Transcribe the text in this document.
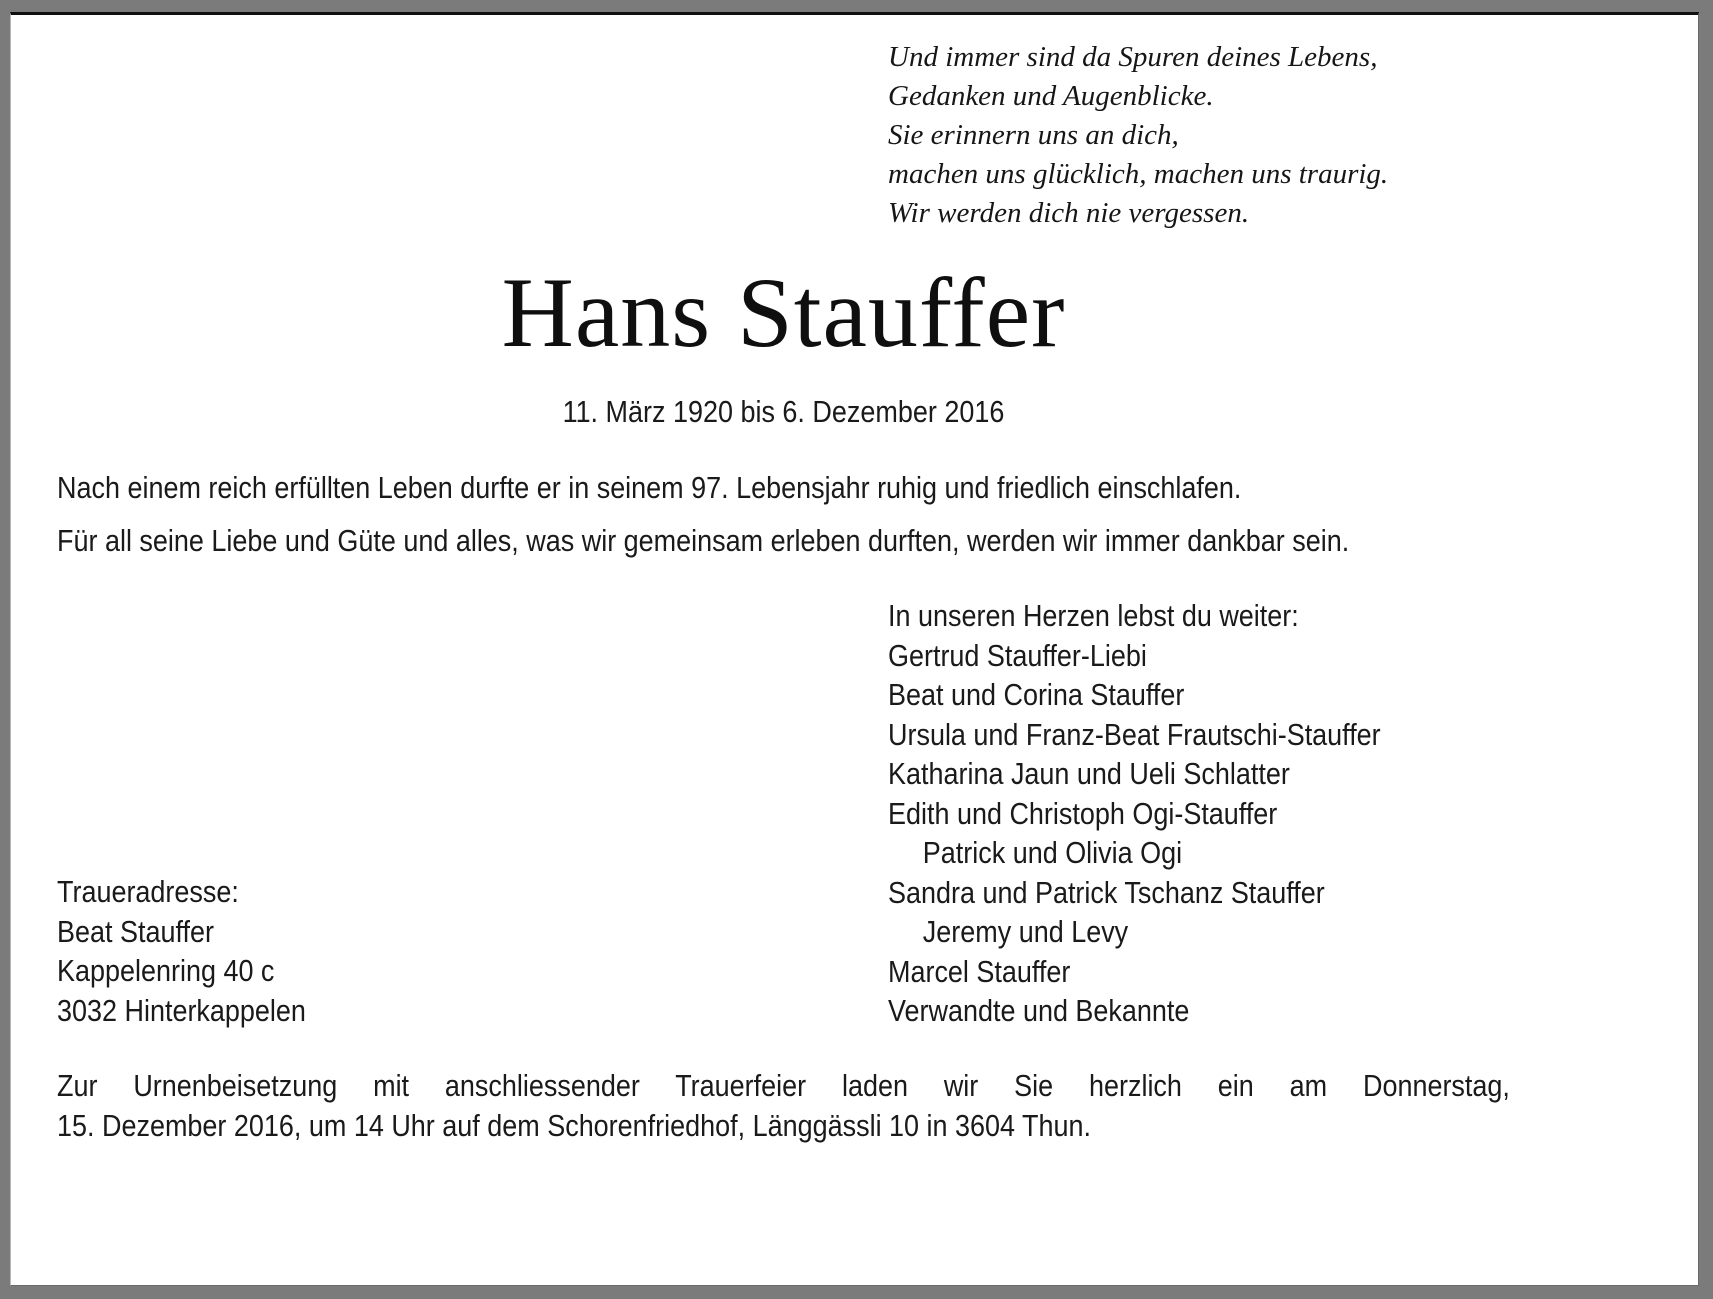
Und immer sind da Spuren deines Lebens,
Gedanken und Augenblicke.
Sie erinnern uns an dich,
machen uns glücklich, machen uns traurig.
Wir werden dich nie vergessen.
Hans Stauffer
11. März 1920 bis 6. Dezember 2016
Nach einem reich erfüllten Leben durfte er in seinem 97. Lebensjahr ruhig und friedlich einschlafen.
Für all seine Liebe und Güte und alles, was wir gemeinsam erleben durften, werden wir immer dankbar sein.
In unseren Herzen lebst du weiter:
Gertrud Stauffer-Liebi
Beat und Corina Stauffer
Ursula und Franz-Beat Frautschi-Stauffer
Katharina Jaun und Ueli Schlatter
Edith und Christoph Ogi-Stauffer
Patrick und Olivia Ogi
Sandra und Patrick Tschanz Stauffer
Jeremy und Levy
Marcel Stauffer
Verwandte und Bekannte
Traueradresse:
Beat Stauffer
Kappelenring 40 c
3032 Hinterkappelen
Zur Urnenbeisetzung mit anschliessender Trauerfeier laden wir Sie herzlich ein am Donnerstag,
15. Dezember 2016, um 14 Uhr auf dem Schorenfriedhof, Länggässli 10 in 3604 Thun.
